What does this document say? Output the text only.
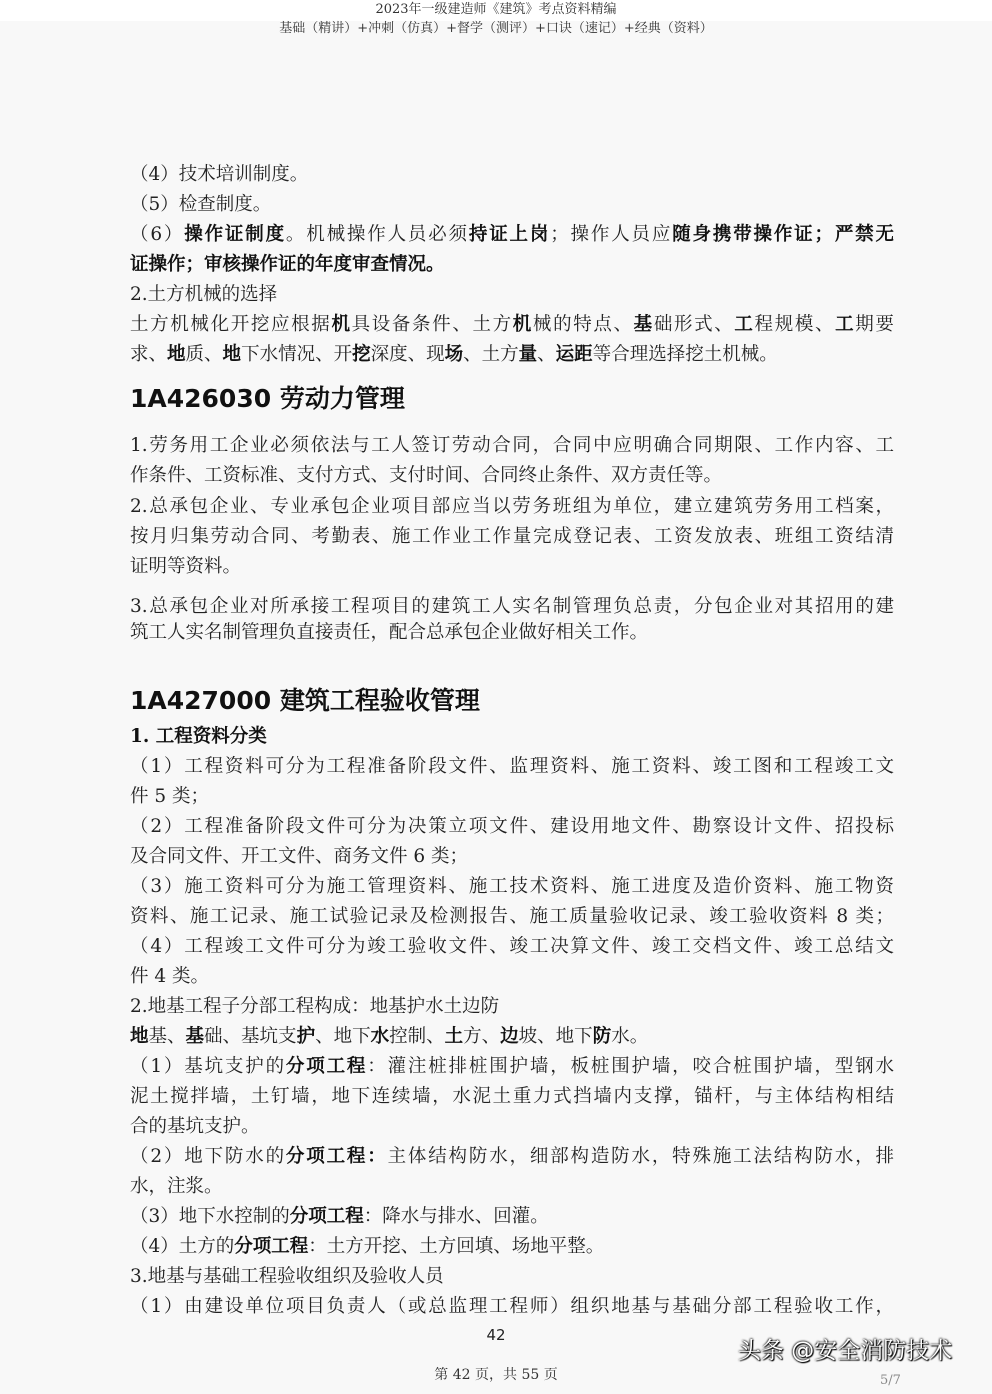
2023年一级建造师《建筑》考点资料精编
基础（精讲）+冲刺（仿真）+督学（测评）+口诀（速记）+经典（资料）
1A426030 劳动力管理
1A427000 建筑工程验收管理
（4）技术培训制度。
（5）检查制度。
（6）操作证制度。机械操作人员必须持证上岗；操作人员应随身携带操作证；严禁无
证操作；审核操作证的年度审查情况。
2.土方机械的选择
土方机械化开挖应根据机具设备条件、土方机械的特点、基础形式、工程规模、工期要
求、地质、地下水情况、开挖深度、现场、土方量、运距等合理选择挖土机械。
1.劳务用工企业必须依法与工人签订劳动合同，合同中应明确合同期限、工作内容、工
作条件、工资标准、支付方式、支付时间、合同终止条件、双方责任等。
2.总承包企业、专业承包企业项目部应当以劳务班组为单位，建立建筑劳务用工档案，
按月归集劳动合同、考勤表、施工作业工作量完成登记表、工资发放表、班组工资结清
证明等资料。
3.总承包企业对所承接工程项目的建筑工人实名制管理负总责，分包企业对其招用的建
筑工人实名制管理负直接责任，配合总承包企业做好相关工作。
1. 工程资料分类
（1）工程资料可分为工程准备阶段文件、监理资料、施工资料、竣工图和工程竣工文
件 5 类；
（2）工程准备阶段文件可分为决策立项文件、建设用地文件、勘察设计文件、招投标
及合同文件、开工文件、商务文件 6 类；
（3）施工资料可分为施工管理资料、施工技术资料、施工进度及造价资料、施工物资
资料、施工记录、施工试验记录及检测报告、施工质量验收记录、竣工验收资料 8 类；
（4）工程竣工文件可分为竣工验收文件、竣工决算文件、竣工交档文件、竣工总结文
件 4 类。
2.地基工程子分部工程构成：地基护水土边防
地基、基础、基坑支护、地下水控制、土方、边坡、地下防水。
（1）基坑支护的分项工程：灌注桩排桩围护墙，板桩围护墙，咬合桩围护墙，型钢水
泥土搅拌墙，土钉墙，地下连续墙，水泥土重力式挡墙内支撑，锚杆，与主体结构相结
合的基坑支护。
（2）地下防水的分项工程：主体结构防水，细部构造防水，特殊施工法结构防水，排
水，注浆。
（3）地下水控制的分项工程：降水与排水、回灌。
（4）土方的分项工程：土方开挖、土方回填、场地平整。
3.地基与基础工程验收组织及验收人员
（1）由建设单位项目负责人（或总监理工程师）组织地基与基础分部工程验收工作，
42
第 42 页，共 55 页
头条 @安全消防技术
5/7
